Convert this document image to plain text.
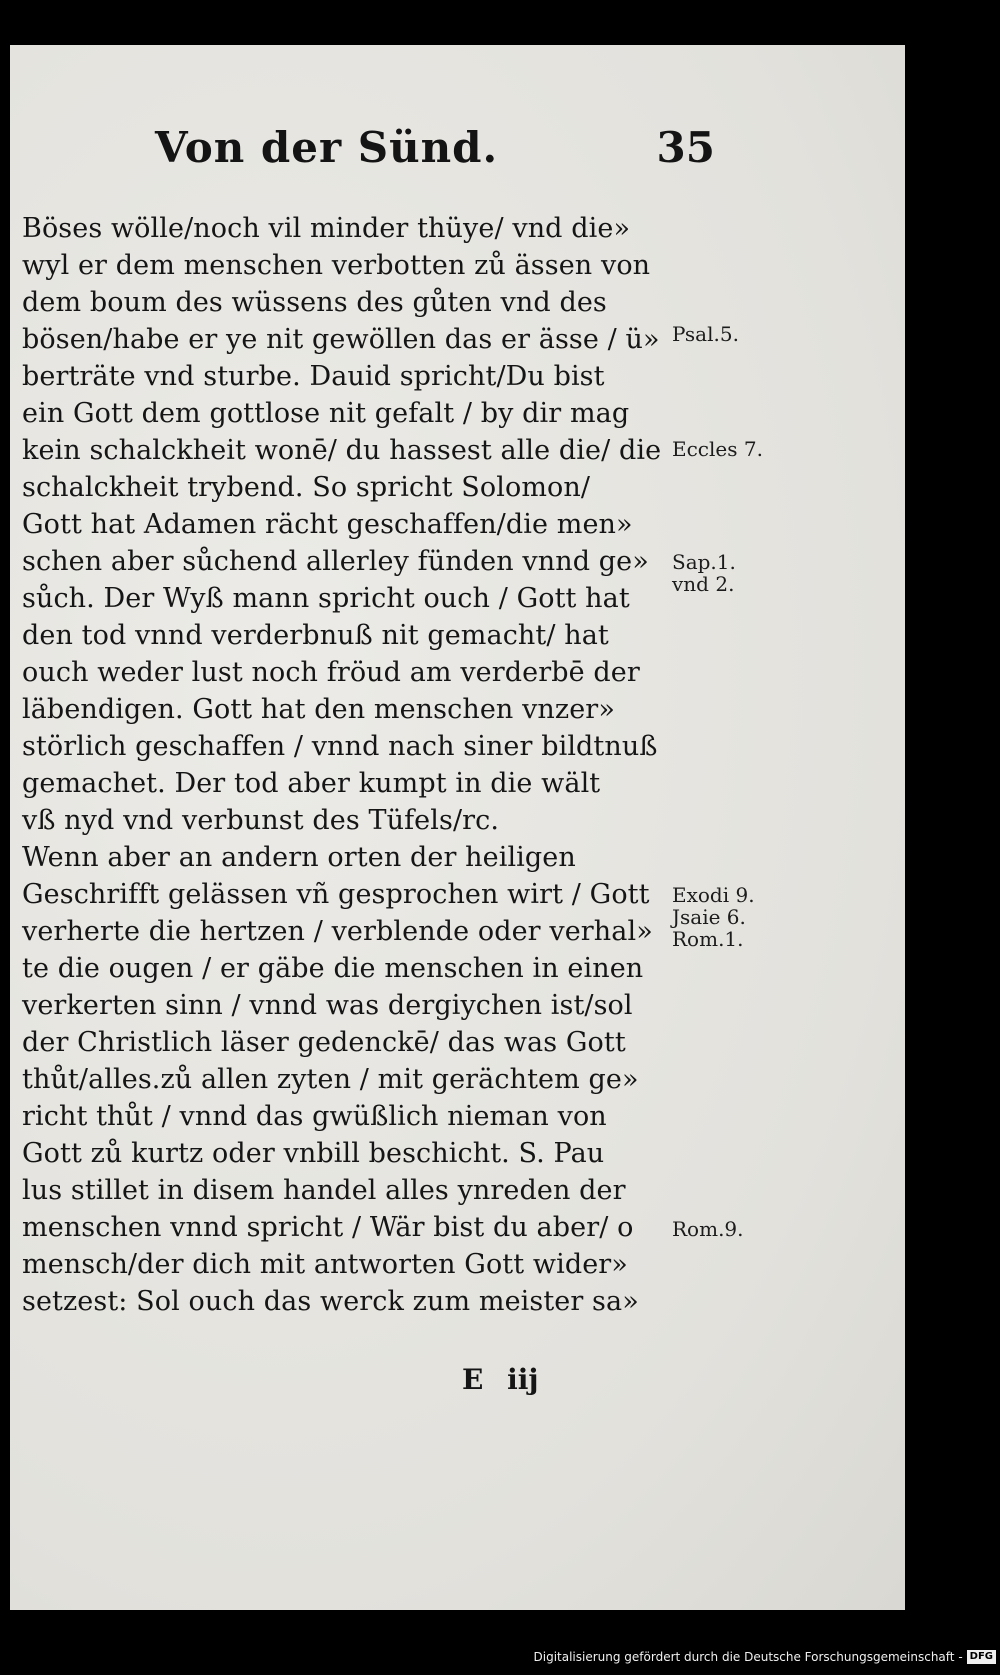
Von der Sünd.	35
Böses wölle/noch vil minder thüye/ vnd die»
wyl er dem menschen verbotten zů ässen von
dem boum des wüssens des gůten vnd des
bösen/habe er ye nit gewöllen das er ässe / ü»
berträte vnd sturbe. Dauid spricht/Du bist
ein Gott dem gottlose nit gefalt / by dir mag
kein schalckheit wonē/ du hassest alle die/ die
schalckheit trybend. So spricht Solomon/
Gott hat Adamen rächt geschaffen/die men»
schen aber sůchend allerley fünden vnnd ge»
sůch. Der Wyß mann spricht ouch / Gott hat
den tod vnnd verderbnuß nit gemacht/ hat
ouch weder lust noch fröud am verderbē der
läbendigen. Gott hat den menschen vnzer»
störlich geschaffen / vnnd nach siner bildtnuß
gemachet. Der tod aber kumpt in die wält
vß nyd vnd verbunst des Tüfels/rc.
Wenn aber an andern orten der heiligen
Geschrifft gelässen vñ gesprochen wirt / Gott
verherte die hertzen / verblende oder verhal»
te die ougen / er gäbe die menschen in einen
verkerten sinn / vnnd was dergiychen ist/sol
der Christlich läser gedenckē/ das was Gott
thůt/alles.zů allen zyten / mit gerächtem ge»
richt thůt / vnnd das gwüßlich nieman von
Gott zů kurtz oder vnbill beschicht. S. Pau
lus stillet in disem handel alles ynreden der
menschen vnnd spricht / Wär bist du aber/ o
mensch/der dich mit antworten Gott wider»
setzest: Sol ouch das werck zum meister sa»
Psal.5.
Eccles 7.
Sap.1.
vnd 2.
Exodi 9.
Jsaie 6.
Rom.1.
Rom.9.
E iij
Digitalisierung gefördert durch die Deutsche Forschungsgemeinschaft - DFG
